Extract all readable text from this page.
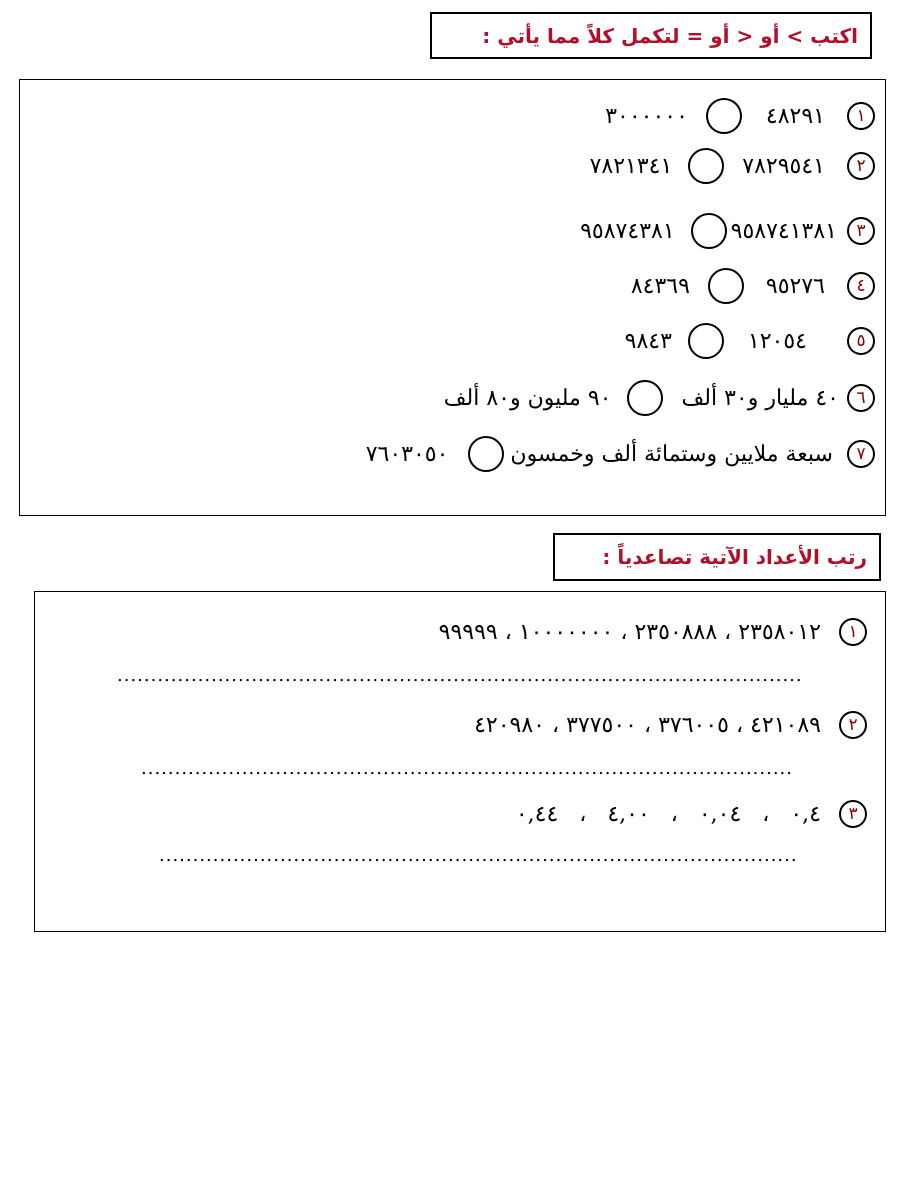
اكتب > أو < أو = لتكمل كلاً مما يأتي :
١
٤٨٢٩١
٣٠٠٠٠٠٠
٢
٧٨٢٩٥٤١
٧٨٢١٣٤١
٣
٩٥٨٧٤١٣٨١
٩٥٨٧٤٣٨١
٤
٩٥٢٧٦
٨٤٣٦٩
٥
١٢٠٥٤
٩٨٤٣
٦
٤٠ مليار و٣٠ ألف
٩٠ مليون و٨٠ ألف
٧
سبعة ملايين وستمائة ألف وخمسون
٧٦٠٣٠٥٠
رتب الأعداد الآتية تصاعدياً :
١
٢٣٥٨٠١٢ ، ٢٣٥٠٨٨٨ ، ١٠٠٠٠٠٠٠ ، ٩٩٩٩٩
......................................................................................................
٢
٤٢١٠٨٩ ، ٣٧٦٠٠٥ ، ٣٧٧٥٠٠ ، ٤٢٠٩٨٠
.................................................................................................
٣
٠,٤   ،   ٠,٠٤   ،   ٤,٠٠   ،   ٠,٤٤
...............................................................................................
